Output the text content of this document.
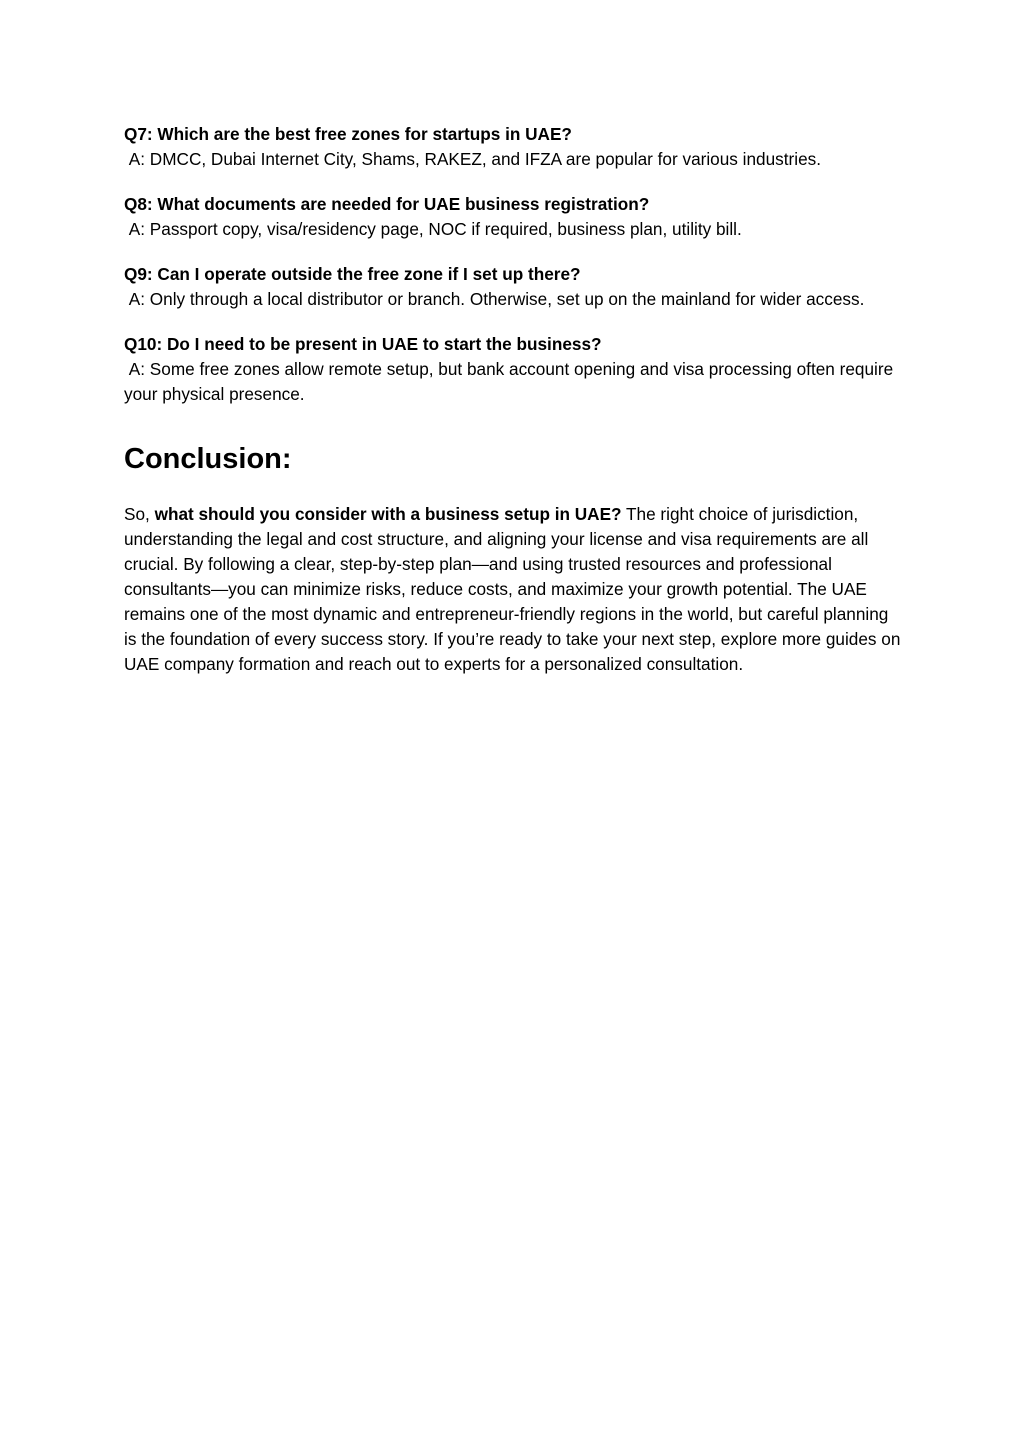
Q7: Which are the best free zones for startups in UAE?

A: DMCC, Dubai Internet City, Shams, RAKEZ, and IFZA are popular for various industries.

Q8: What documents are needed for UAE business registration?

A: Passport copy, visa/residency page, NOC if required, business plan, utility bill.

Q9: Can I operate outside the free zone if I set up there?

A: Only through a local distributor or branch. Otherwise, set up on the mainland for wider access.

Q10: Do I need to be present in UAE to start the business?

A: Some free zones allow remote setup, but bank account opening and visa processing often require your physical presence.

Conclusion:

So, what should you consider with a business setup in UAE? The right choice of jurisdiction, understanding the legal and cost structure, and aligning your license and visa requirements are all crucial. By following a clear, step-by-step plan—and using trusted resources and professional consultants—you can minimize risks, reduce costs, and maximize your growth potential. The UAE remains one of the most dynamic and entrepreneur-friendly regions in the world, but careful planning is the foundation of every success story. If you’re ready to take your next step, explore more guides on UAE company formation and reach out to experts for a personalized consultation.
